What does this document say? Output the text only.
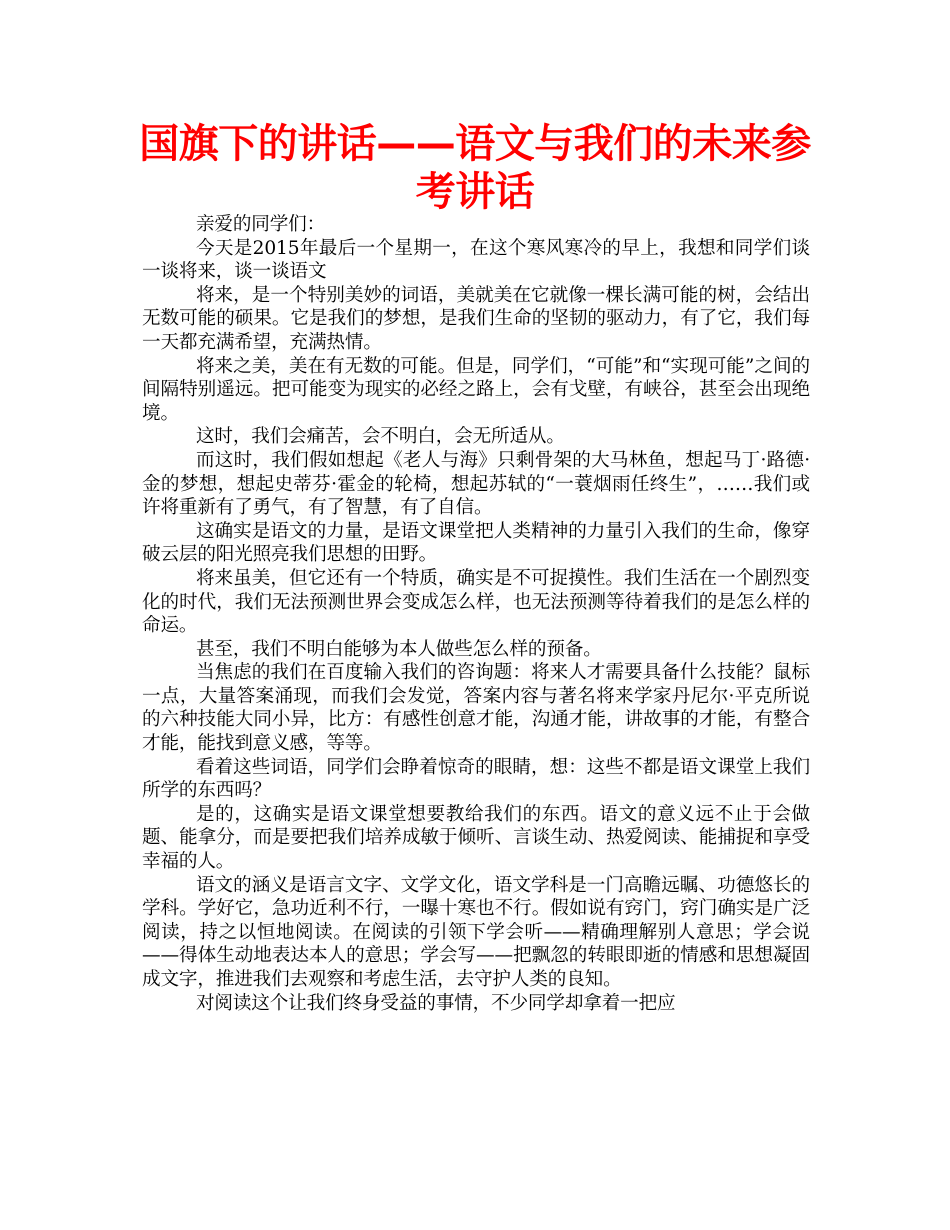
国旗下的讲话——语文与我们的未来参考讲话

亲爱的同学们：

今天是2015年最后一个星期一，在这个寒风寒冷的早上，我想和同学们谈一谈将来，谈一谈语文

将来，是一个特别美妙的词语，美就美在它就像一棵长满可能的树，会结出无数可能的硕果。它是我们的梦想，是我们生命的坚韧的驱动力，有了它，我们每一天都充满希望，充满热情。

将来之美，美在有无数的可能。但是，同学们，“可能”和“实现可能”之间的间隔特别遥远。把可能变为现实的必经之路上，会有戈壁，有峡谷，甚至会出现绝境。

这时，我们会痛苦，会不明白，会无所适从。

而这时，我们假如想起《老人与海》只剩骨架的大马林鱼，想起马丁·路德·金的梦想，想起史蒂芬·霍金的轮椅，想起苏轼的“一蓑烟雨任终生”，……我们或许将重新有了勇气，有了智慧，有了自信。

这确实是语文的力量，是语文课堂把人类精神的力量引入我们的生命，像穿破云层的阳光照亮我们思想的田野。

将来虽美，但它还有一个特质，确实是不可捉摸性。我们生活在一个剧烈变化的时代，我们无法预测世界会变成怎么样，也无法预测等待着我们的是怎么样的命运。

甚至，我们不明白能够为本人做些怎么样的预备。

当焦虑的我们在百度输入我们的咨询题：将来人才需要具备什么技能？鼠标一点，大量答案涌现，而我们会发觉，答案内容与著名将来学家丹尼尔·平克所说的六种技能大同小异，比方：有感性创意才能，沟通才能，讲故事的才能，有整合才能，能找到意义感，等等。

看着这些词语，同学们会睁着惊奇的眼睛，想：这些不都是语文课堂上我们所学的东西吗？

是的，这确实是语文课堂想要教给我们的东西。语文的意义远不止于会做题、能拿分，而是要把我们培养成敏于倾听、言谈生动、热爱阅读、能捕捉和享受幸福的人。

语文的涵义是语言文字、文学文化，语文学科是一门高瞻远瞩、功德悠长的学科。学好它，急功近利不行，一曝十寒也不行。假如说有窍门，窍门确实是广泛阅读，持之以恒地阅读。在阅读的引领下学会听——精确理解别人意思；学会说——得体生动地表达本人的意思；学会写——把飘忽的转眼即逝的情感和思想凝固成文字，推进我们去观察和考虑生活，去守护人类的良知。

对阅读这个让我们终身受益的事情，不少同学却拿着一把应
